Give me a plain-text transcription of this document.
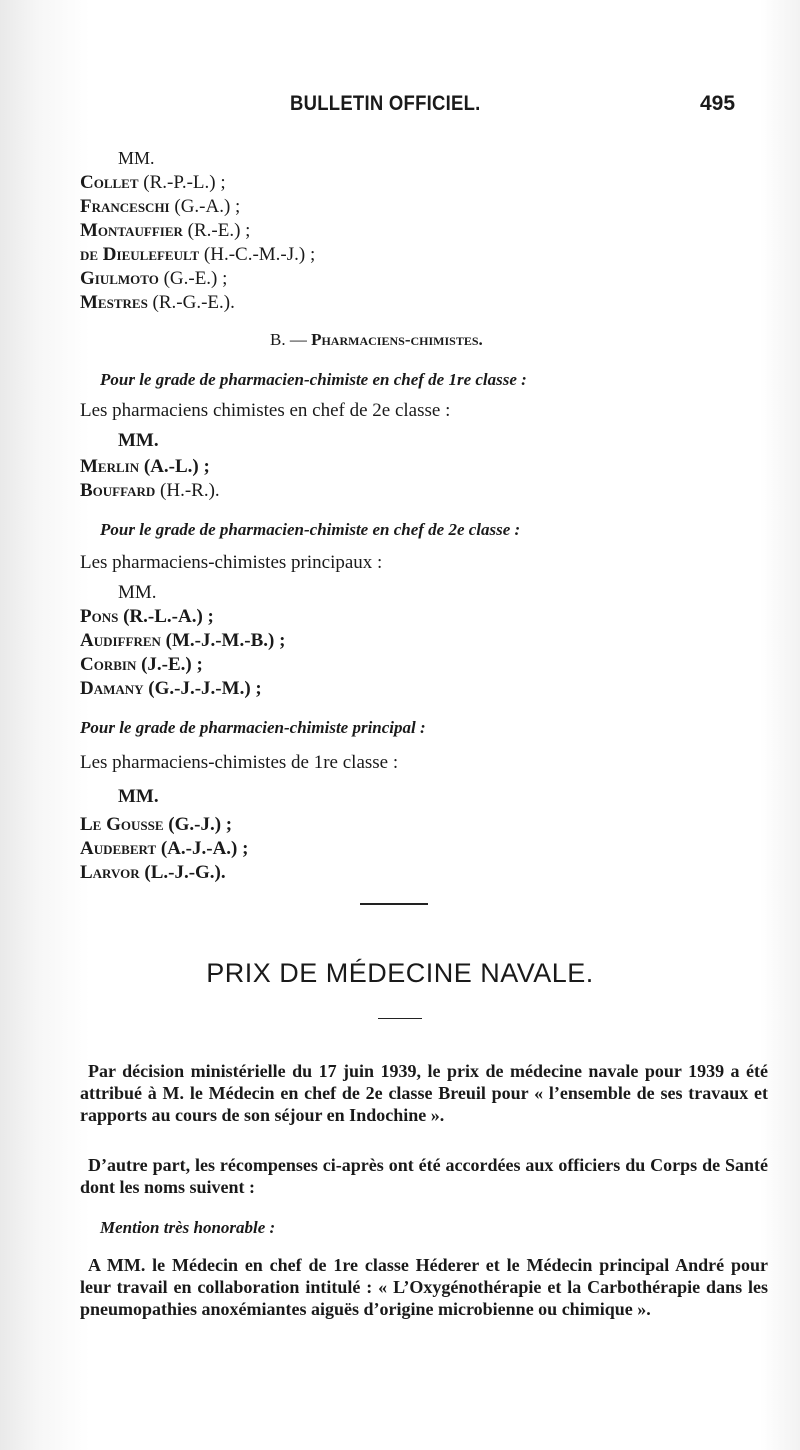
BULLETIN OFFICIEL.	495
MM.
Collet (R.-P.-L.) ;
Franceschi (G.-A.) ;
Montauffier (R.-E.) ;
de Dieulefeult (H.-C.-M.-J.) ;
Giulmoto (G.-E.) ;
Mestres (R.-G.-E.).
B. — Pharmaciens-chimistes.
Pour le grade de pharmacien-chimiste en chef de 1re classe :
Les pharmaciens chimistes en chef de 2e classe :
MM.
Merlin (A.-L.) ;
Bouffard (H.-R.).
Pour le grade de pharmacien-chimiste en chef de 2e classe :
Les pharmaciens-chimistes principaux :
MM.
Pons (R.-L.-A.) ;
Audiffren (M.-J.-M.-B.) ;
Corbin (J.-E.) ;
Damany (G.-J.-J.-M.) ;
Pour le grade de pharmacien-chimiste principal :
Les pharmaciens-chimistes de 1re classe :
MM.
Le Gousse (G.-J.) ;
Audebert (A.-J.-A.) ;
Larvor (L.-J.-G.).
PRIX DE MÉDECINE NAVALE.
Par décision ministérielle du 17 juin 1939, le prix de médecine navale pour 1939 a été attribué à M. le Médecin en chef de 2e classe Breuil pour « l’ensemble de ses travaux et rapports au cours de son séjour en Indochine ».
D’autre part, les récompenses ci-après ont été accordées aux officiers du Corps de Santé dont les noms suivent :
Mention très honorable :
A MM. le Médecin en chef de 1re classe Héderer et le Médecin principal André pour leur travail en collaboration intitulé : « L’Oxygénothérapie et la Carbothérapie dans les pneumopathies anoxémiantes aiguës d’origine microbienne ou chimique ».
